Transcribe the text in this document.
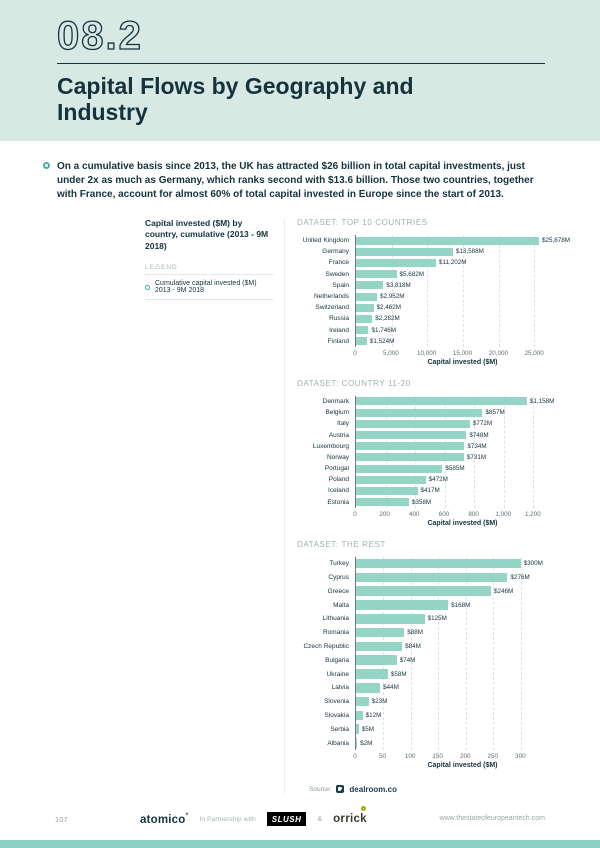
08.2
Capital Flows by Geography and Industry
On a cumulative basis since 2013, the UK has attracted $26 billion in total capital investments, just under 2x as much as Germany, which ranks second with $13.6 billion. Those two countries, together with France, account for almost 60% of total capital invested in Europe since the start of 2013.
Capital invested ($M) by country, cumulative (2013 - 9M 2018)
LEGEND
Cumulative capital invested ($M) 2013 - 9M 2018
DATASET: TOP 10 COUNTRIES
United Kingdom
Germany
France
Sweden
Spain
Netherlands
Switzerland
Russia
Ireland
Finland
$25,878M
$13,588M
$11,202M
$5,682M
$3,818M
$2,952M
$2,462M
$2,282M
$1,746M
$1,524M
0	5,000	10,000	15,000	20,000	25,000
Capital invested ($M)
DATASET: COUNTRY 11-20
Denmark
Belgium
Italy
Austria
Luxembourg
Norway
Portugal
Poland
Iceland
Estonia
$1,158M
$857M
$772M
$748M
$734M
$731M
$585M
$472M
$417M
$358M
0	200	400	600	800	1,000 1,200
Capital invested ($M)
DATASET: THE REST
Turkey
Cyprus
Greece
Malta
Lithuania
Romania
Czech Republic
Bulgaria
Ukraine
Latvia
Slovenia
Slovakia
Serbia
Albania
$300M
$276M
$246M
$168M
$125M
$88M
$84M
$74M
$58M
$44M
$23M
$12M
$5M
$2M
0	50	100	150	200	250	300
Capital invested ($M)
Source: dealroom.co
107	atomico° In Partnership with	SLUSH	& orrick	www.thestateofeuropeantech.com
